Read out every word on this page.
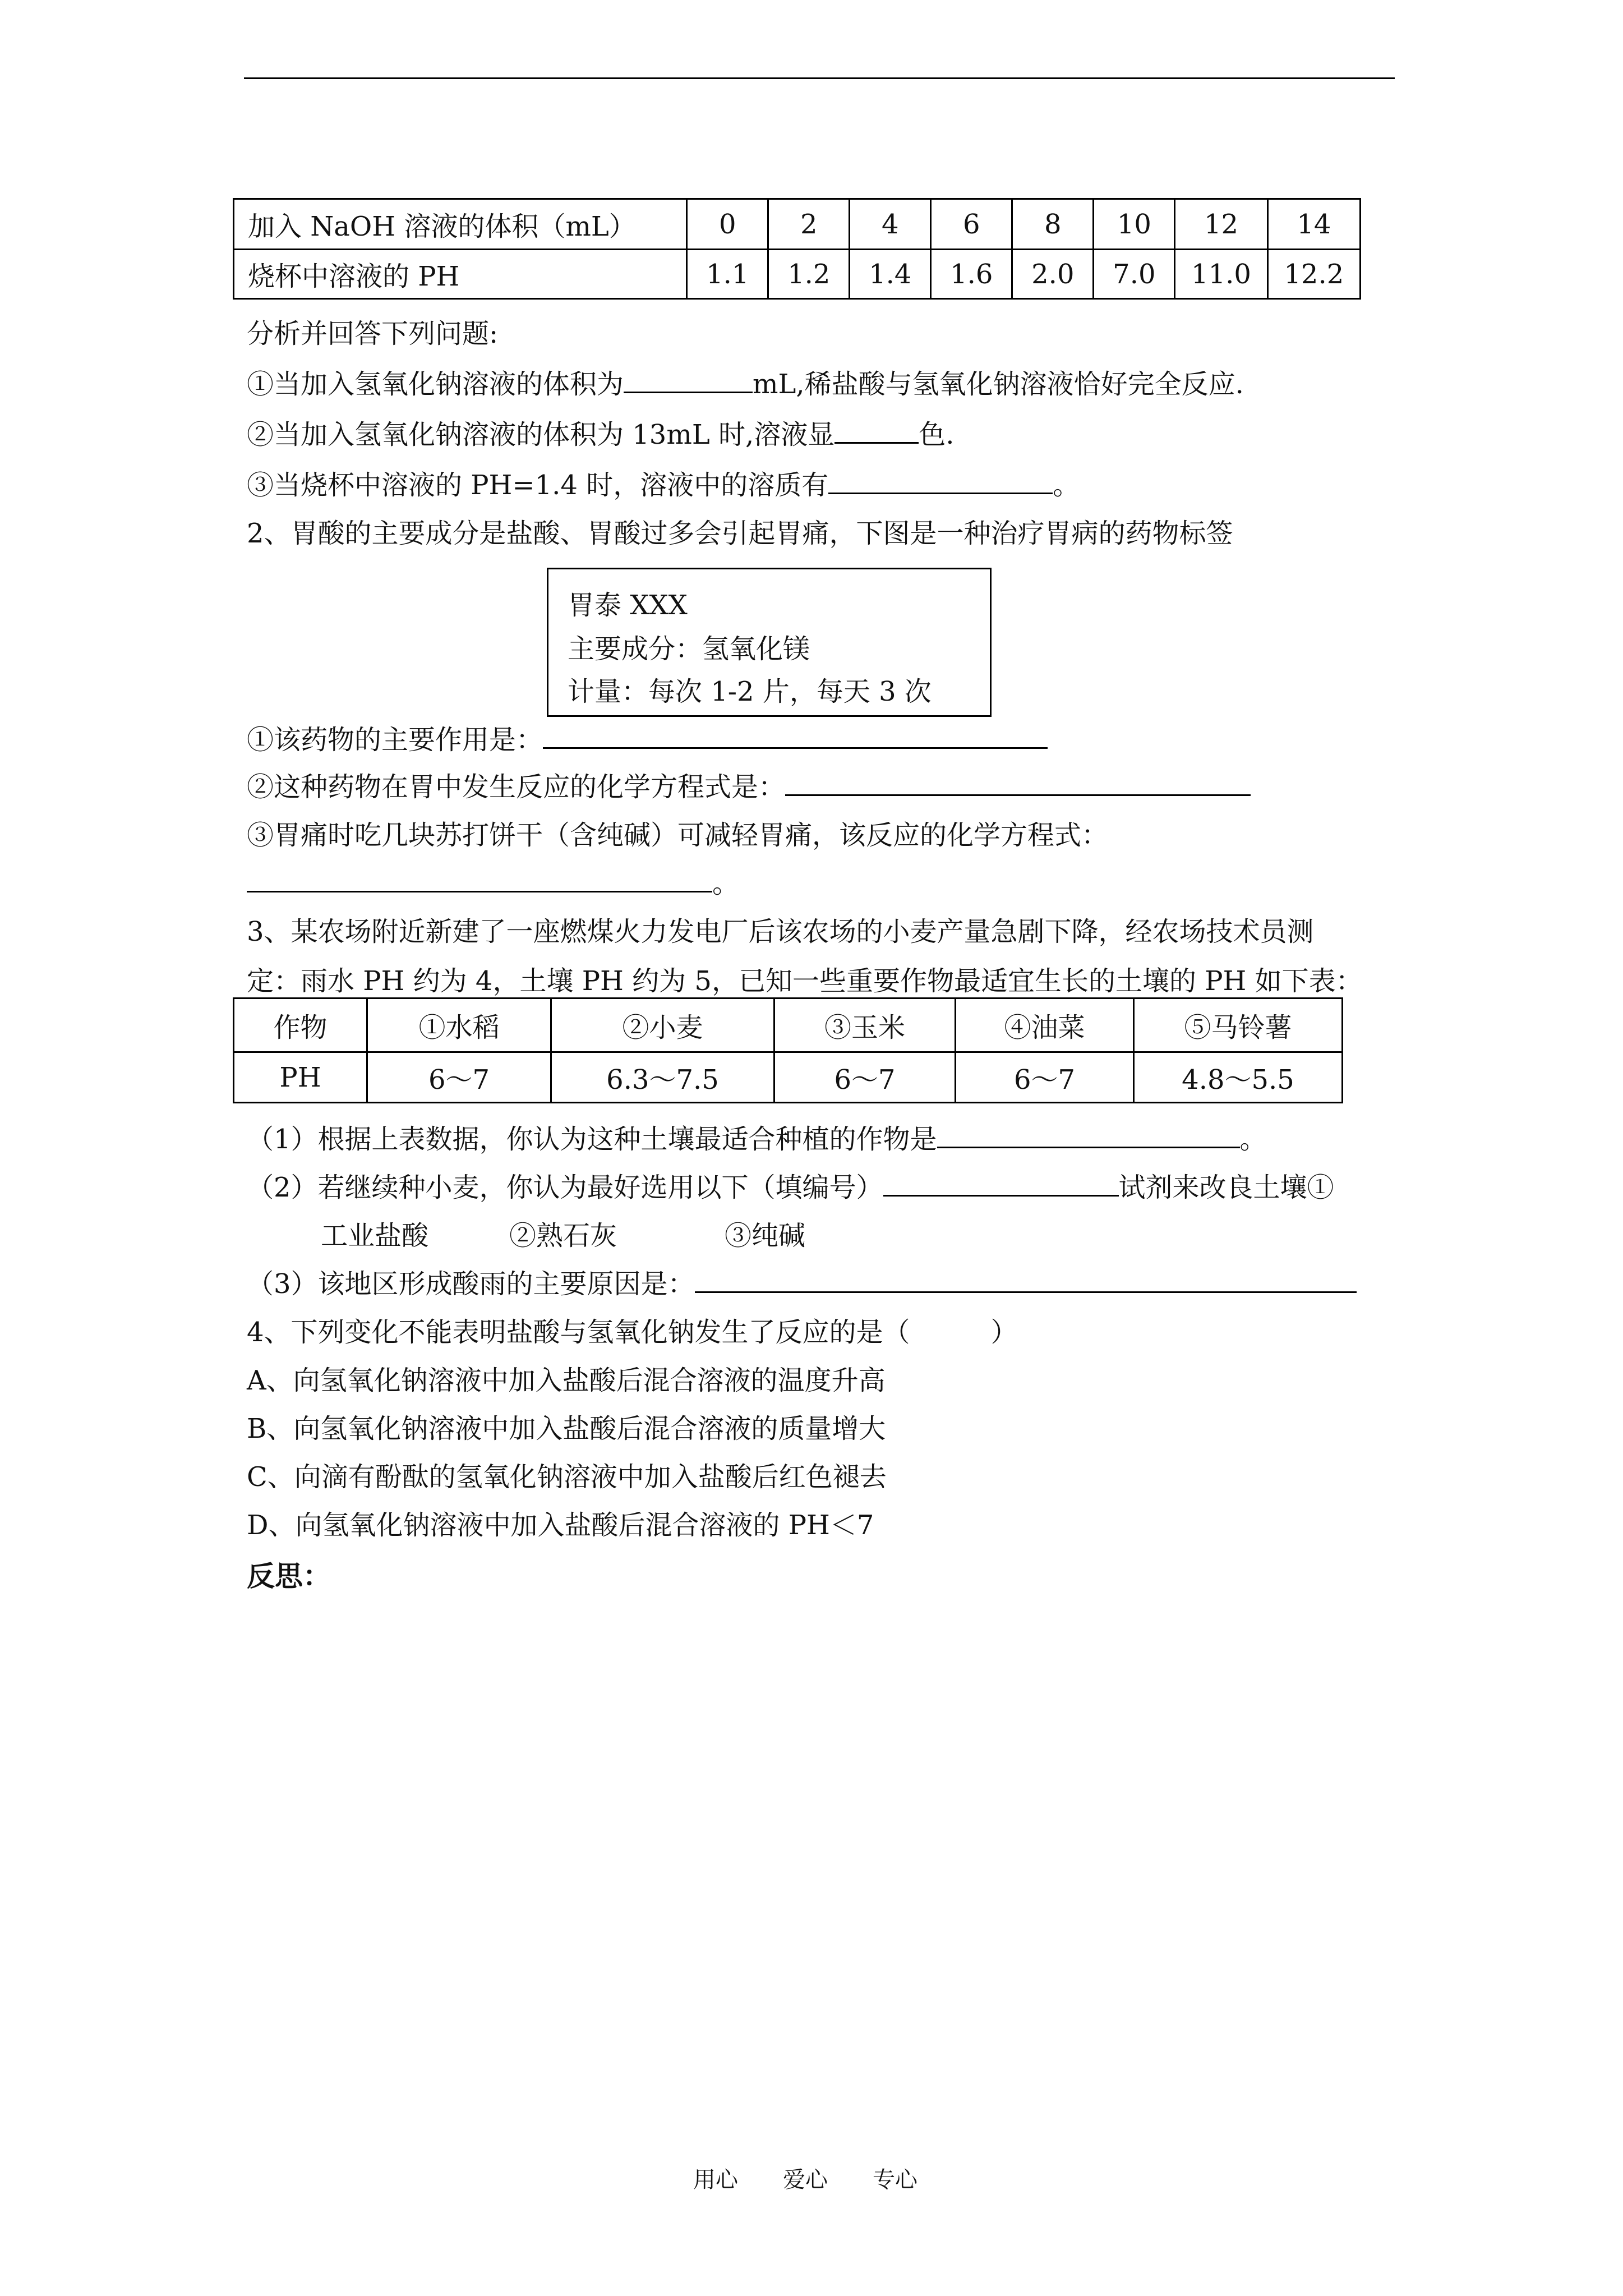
加入 NaOH 溶液的体积（mL）	0	2	4	6	8	10	12	14
烧杯中溶液的 PH	1.1	1.2	1.4	1.6	2.0	7.0	11.0	12.2
分析并回答下列问题:
①当加入氢氧化钠溶液的体积为	mL,稀盐酸与氢氧化钠溶液恰好完全反应.
②当加入氢氧化钠溶液的体积为 13mL 时,溶液显	色.
③当烧杯中溶液的 PH=1.4 时，溶液中的溶质有	。
2、胃酸的主要成分是盐酸、胃酸过多会引起胃痛，下图是一种治疗胃病的药物标签
胃泰 XXX
主要成分：氢氧化镁
计量：每次 1-2 片，每天 3 次
①该药物的主要作用是：
②这种药物在胃中发生反应的化学方程式是：
③胃痛时吃几块苏打饼干（含纯碱）可减轻胃痛，该反应的化学方程式：
。
3、某农场附近新建了一座燃煤火力发电厂后该农场的小麦产量急剧下降，经农场技术员测
定：雨水 PH 约为 4，土壤 PH 约为 5，已知一些重要作物最适宜生长的土壤的 PH 如下表：
作物	①水稻	②小麦	③玉米	④油菜	⑤马铃薯
PH	6～7	6.3～7.5	6～7	6～7	4.8～5.5
（1）根据上表数据，你认为这种土壤最适合种植的作物是	。
（2）若继续种小麦，你认为最好选用以下（填编号）	试剂来改良土壤①
工业盐酸　　　②熟石灰　　　　③纯碱
（3）该地区形成酸雨的主要原因是：
4、下列变化不能表明盐酸与氢氧化钠发生了反应的是（　　　）
A、向氢氧化钠溶液中加入盐酸后混合溶液的温度升高
B、向氢氧化钠溶液中加入盐酸后混合溶液的质量增大
C、向滴有酚酞的氢氧化钠溶液中加入盐酸后红色褪去
D、向氢氧化钠溶液中加入盐酸后混合溶液的 PH＜7
反思：
用心　　爱心　　专心
